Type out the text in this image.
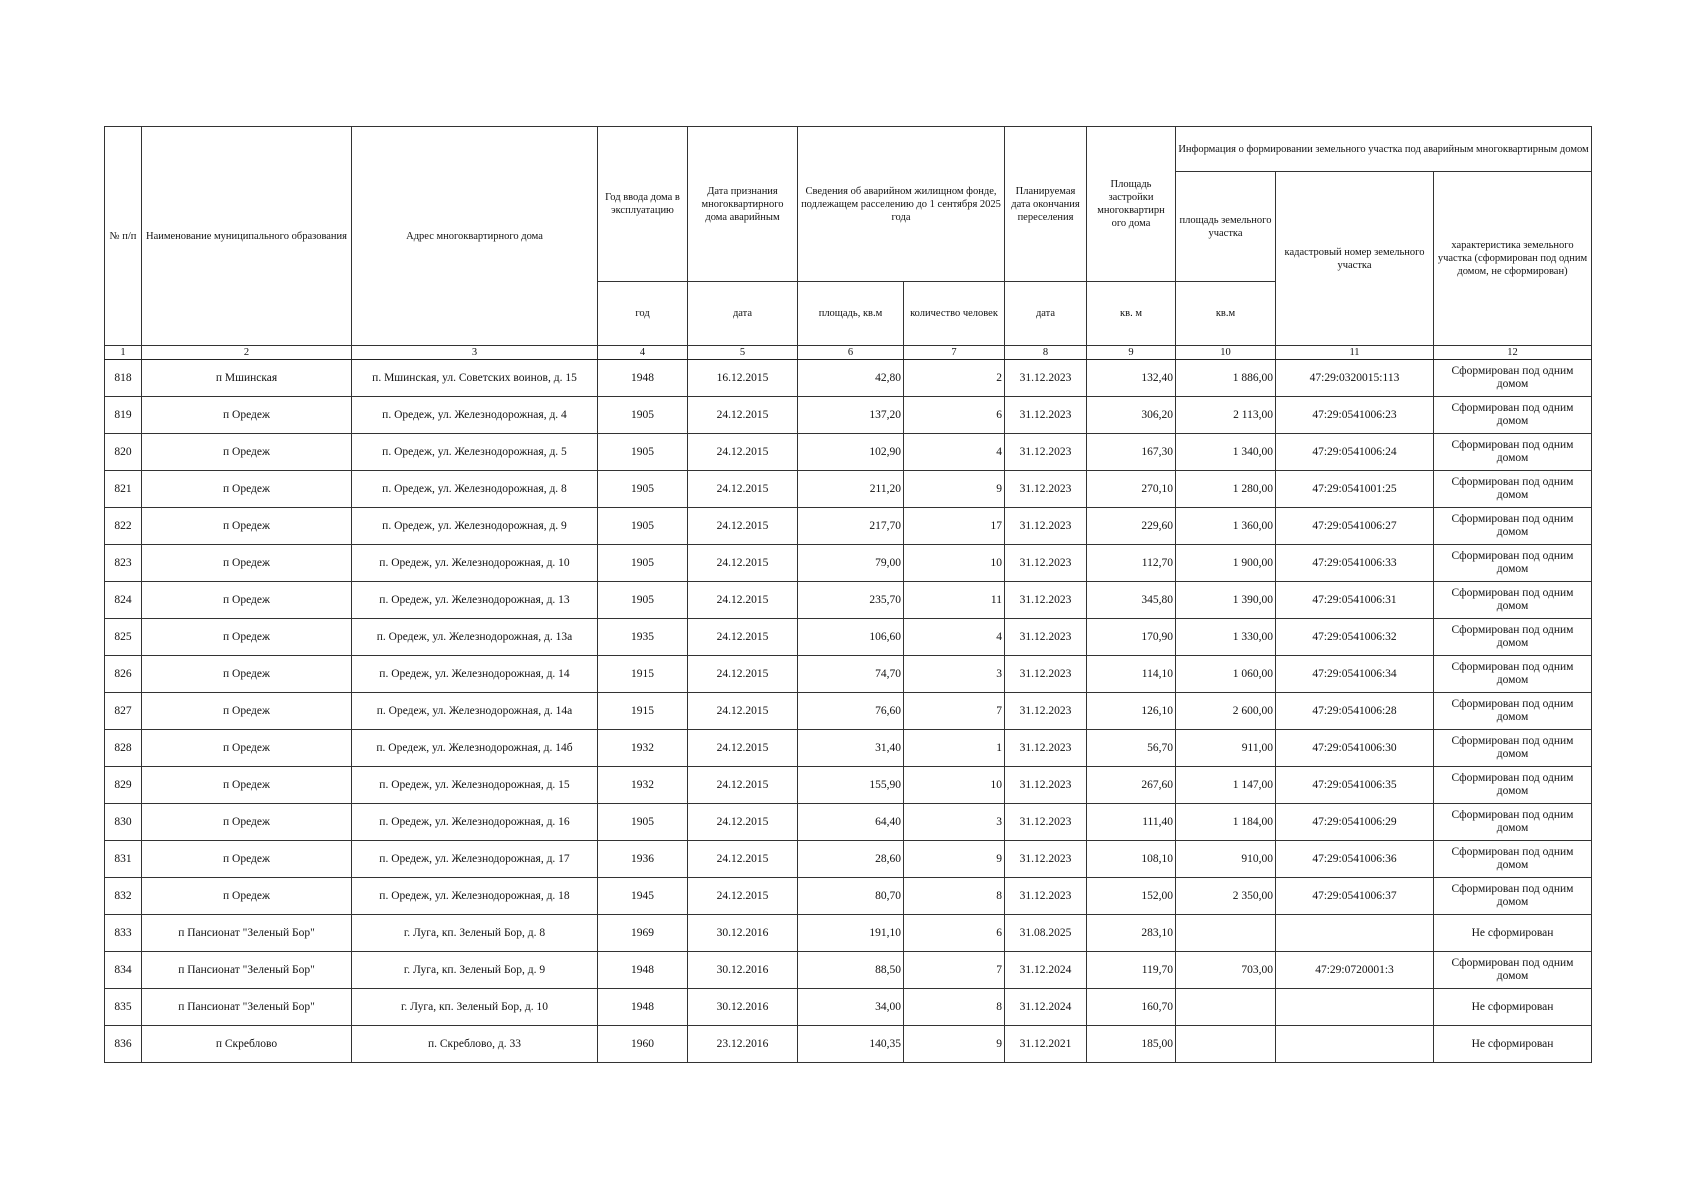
№ п/п	Наименование муниципального образования	Адрес многоквартирного дома	Год ввода дома в эксплуатацию	Дата признания многоквартирного дома аварийным	Сведения об аварийном жилищном фонде, подлежащем расселению до 1 сентября 2025 года		Планируемая дата окончания переселения	Площадь застройки многоквартирн ого дома	Информация о формировании земельного участка под аварийным многоквартирным домом		
									площадь земельного участка	кадастровый номер земельного участка	характеристика земельного участка (сформирован под одним домом, не сформирован)
			год	дата	площадь, кв.м	количество человек	дата	кв. м	кв.м		
1	2	3	4	5	6	7	8	9	10	11	12
818	п Мшинская	п. Мшинская, ул. Советских воинов, д. 15	1948	16.12.2015	42,80	2	31.12.2023	132,40	1 886,00	47:29:0320015:113	Сформирован под одним домом
819	п Оредеж	п. Оредеж, ул. Железнодорожная, д. 4	1905	24.12.2015	137,20	6	31.12.2023	306,20	2 113,00	47:29:0541006:23	Сформирован под одним домом
820	п Оредеж	п. Оредеж, ул. Железнодорожная, д. 5	1905	24.12.2015	102,90	4	31.12.2023	167,30	1 340,00	47:29:0541006:24	Сформирован под одним домом
821	п Оредеж	п. Оредеж, ул. Железнодорожная, д. 8	1905	24.12.2015	211,20	9	31.12.2023	270,10	1 280,00	47:29:0541001:25	Сформирован под одним домом
822	п Оредеж	п. Оредеж, ул. Железнодорожная, д. 9	1905	24.12.2015	217,70	17	31.12.2023	229,60	1 360,00	47:29:0541006:27	Сформирован под одним домом
823	п Оредеж	п. Оредеж, ул. Железнодорожная, д. 10	1905	24.12.2015	79,00	10	31.12.2023	112,70	1 900,00	47:29:0541006:33	Сформирован под одним домом
824	п Оредеж	п. Оредеж, ул. Железнодорожная, д. 13	1905	24.12.2015	235,70	11	31.12.2023	345,80	1 390,00	47:29:0541006:31	Сформирован под одним домом
825	п Оредеж	п. Оредеж, ул. Железнодорожная, д. 13а	1935	24.12.2015	106,60	4	31.12.2023	170,90	1 330,00	47:29:0541006:32	Сформирован под одним домом
826	п Оредеж	п. Оредеж, ул. Железнодорожная, д. 14	1915	24.12.2015	74,70	3	31.12.2023	114,10	1 060,00	47:29:0541006:34	Сформирован под одним домом
827	п Оредеж	п. Оредеж, ул. Железнодорожная, д. 14а	1915	24.12.2015	76,60	7	31.12.2023	126,10	2 600,00	47:29:0541006:28	Сформирован под одним домом
828	п Оредеж	п. Оредеж, ул. Железнодорожная, д. 14б	1932	24.12.2015	31,40	1	31.12.2023	56,70	911,00	47:29:0541006:30	Сформирован под одним домом
829	п Оредеж	п. Оредеж, ул. Железнодорожная, д. 15	1932	24.12.2015	155,90	10	31.12.2023	267,60	1 147,00	47:29:0541006:35	Сформирован под одним домом
830	п Оредеж	п. Оредеж, ул. Железнодорожная, д. 16	1905	24.12.2015	64,40	3	31.12.2023	111,40	1 184,00	47:29:0541006:29	Сформирован под одним домом
831	п Оредеж	п. Оредеж, ул. Железнодорожная, д. 17	1936	24.12.2015	28,60	9	31.12.2023	108,10	910,00	47:29:0541006:36	Сформирован под одним домом
832	п Оредеж	п. Оредеж, ул. Железнодорожная, д. 18	1945	24.12.2015	80,70	8	31.12.2023	152,00	2 350,00	47:29:0541006:37	Сформирован под одним домом
833	п Пансионат "Зеленый Бор"	г. Луга, кп. Зеленый Бор, д. 8	1969	30.12.2016	191,10	6	31.08.2025	283,10			Не сформирован
834	п Пансионат "Зеленый Бор"	г. Луга, кп. Зеленый Бор, д. 9	1948	30.12.2016	88,50	7	31.12.2024	119,70	703,00	47:29:0720001:3	Сформирован под одним домом
835	п Пансионат "Зеленый Бор"	г. Луга, кп. Зеленый Бор, д. 10	1948	30.12.2016	34,00	8	31.12.2024	160,70			Не сформирован
836	п Скреблово	п. Скреблово, д. 33	1960	23.12.2016	140,35	9	31.12.2021	185,00			Не сформирован
